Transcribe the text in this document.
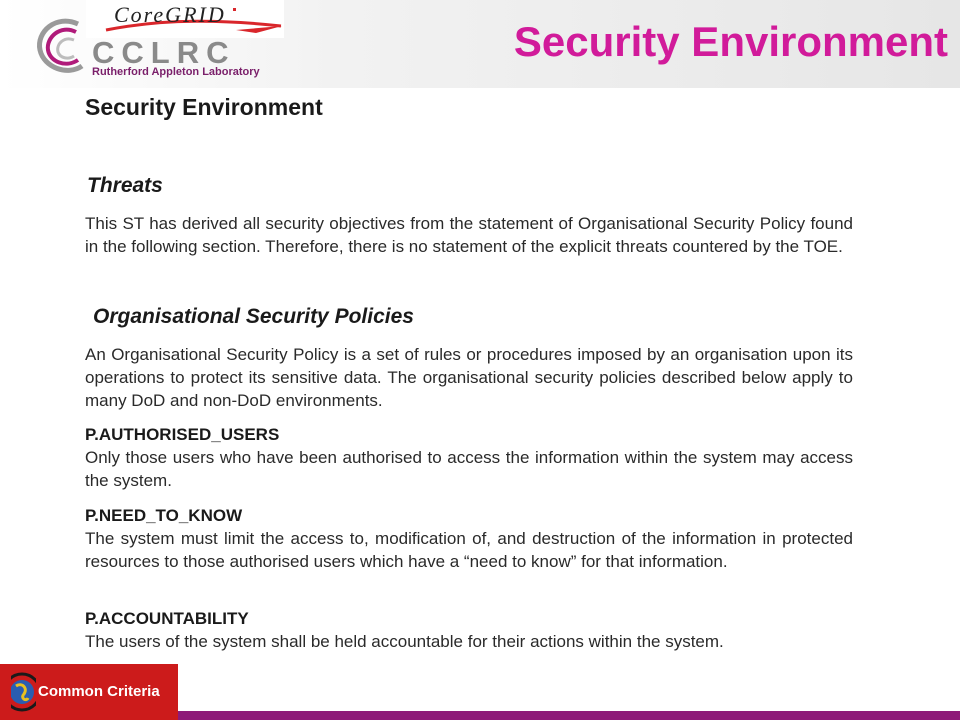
CoreGRID
CCLRC
Rutherford Appleton Laboratory
Security Environment
Security Environment
Threats

This ST has derived all security objectives from the statement of Organisational Security Policy found in the following section. Therefore, there is no statement of the explicit threats countered by the TOE.

Organisational Security Policies

An Organisational Security Policy is a set of rules or procedures imposed by an organisation upon its operations to protect its sensitive data. The organisational security policies described below apply to many DoD and non-DoD environments.

P.AUTHORISED_USERS

Only those users who have been authorised to access the information within the system may access the system.

P.NEED_TO_KNOW

The system must limit the access to, modification of, and destruction of the information in protected resources to those authorised users which have a “need to know” for that information.

P.ACCOUNTABILITY

The users of the system shall be held accountable for their actions within the system.

Common Criteria
